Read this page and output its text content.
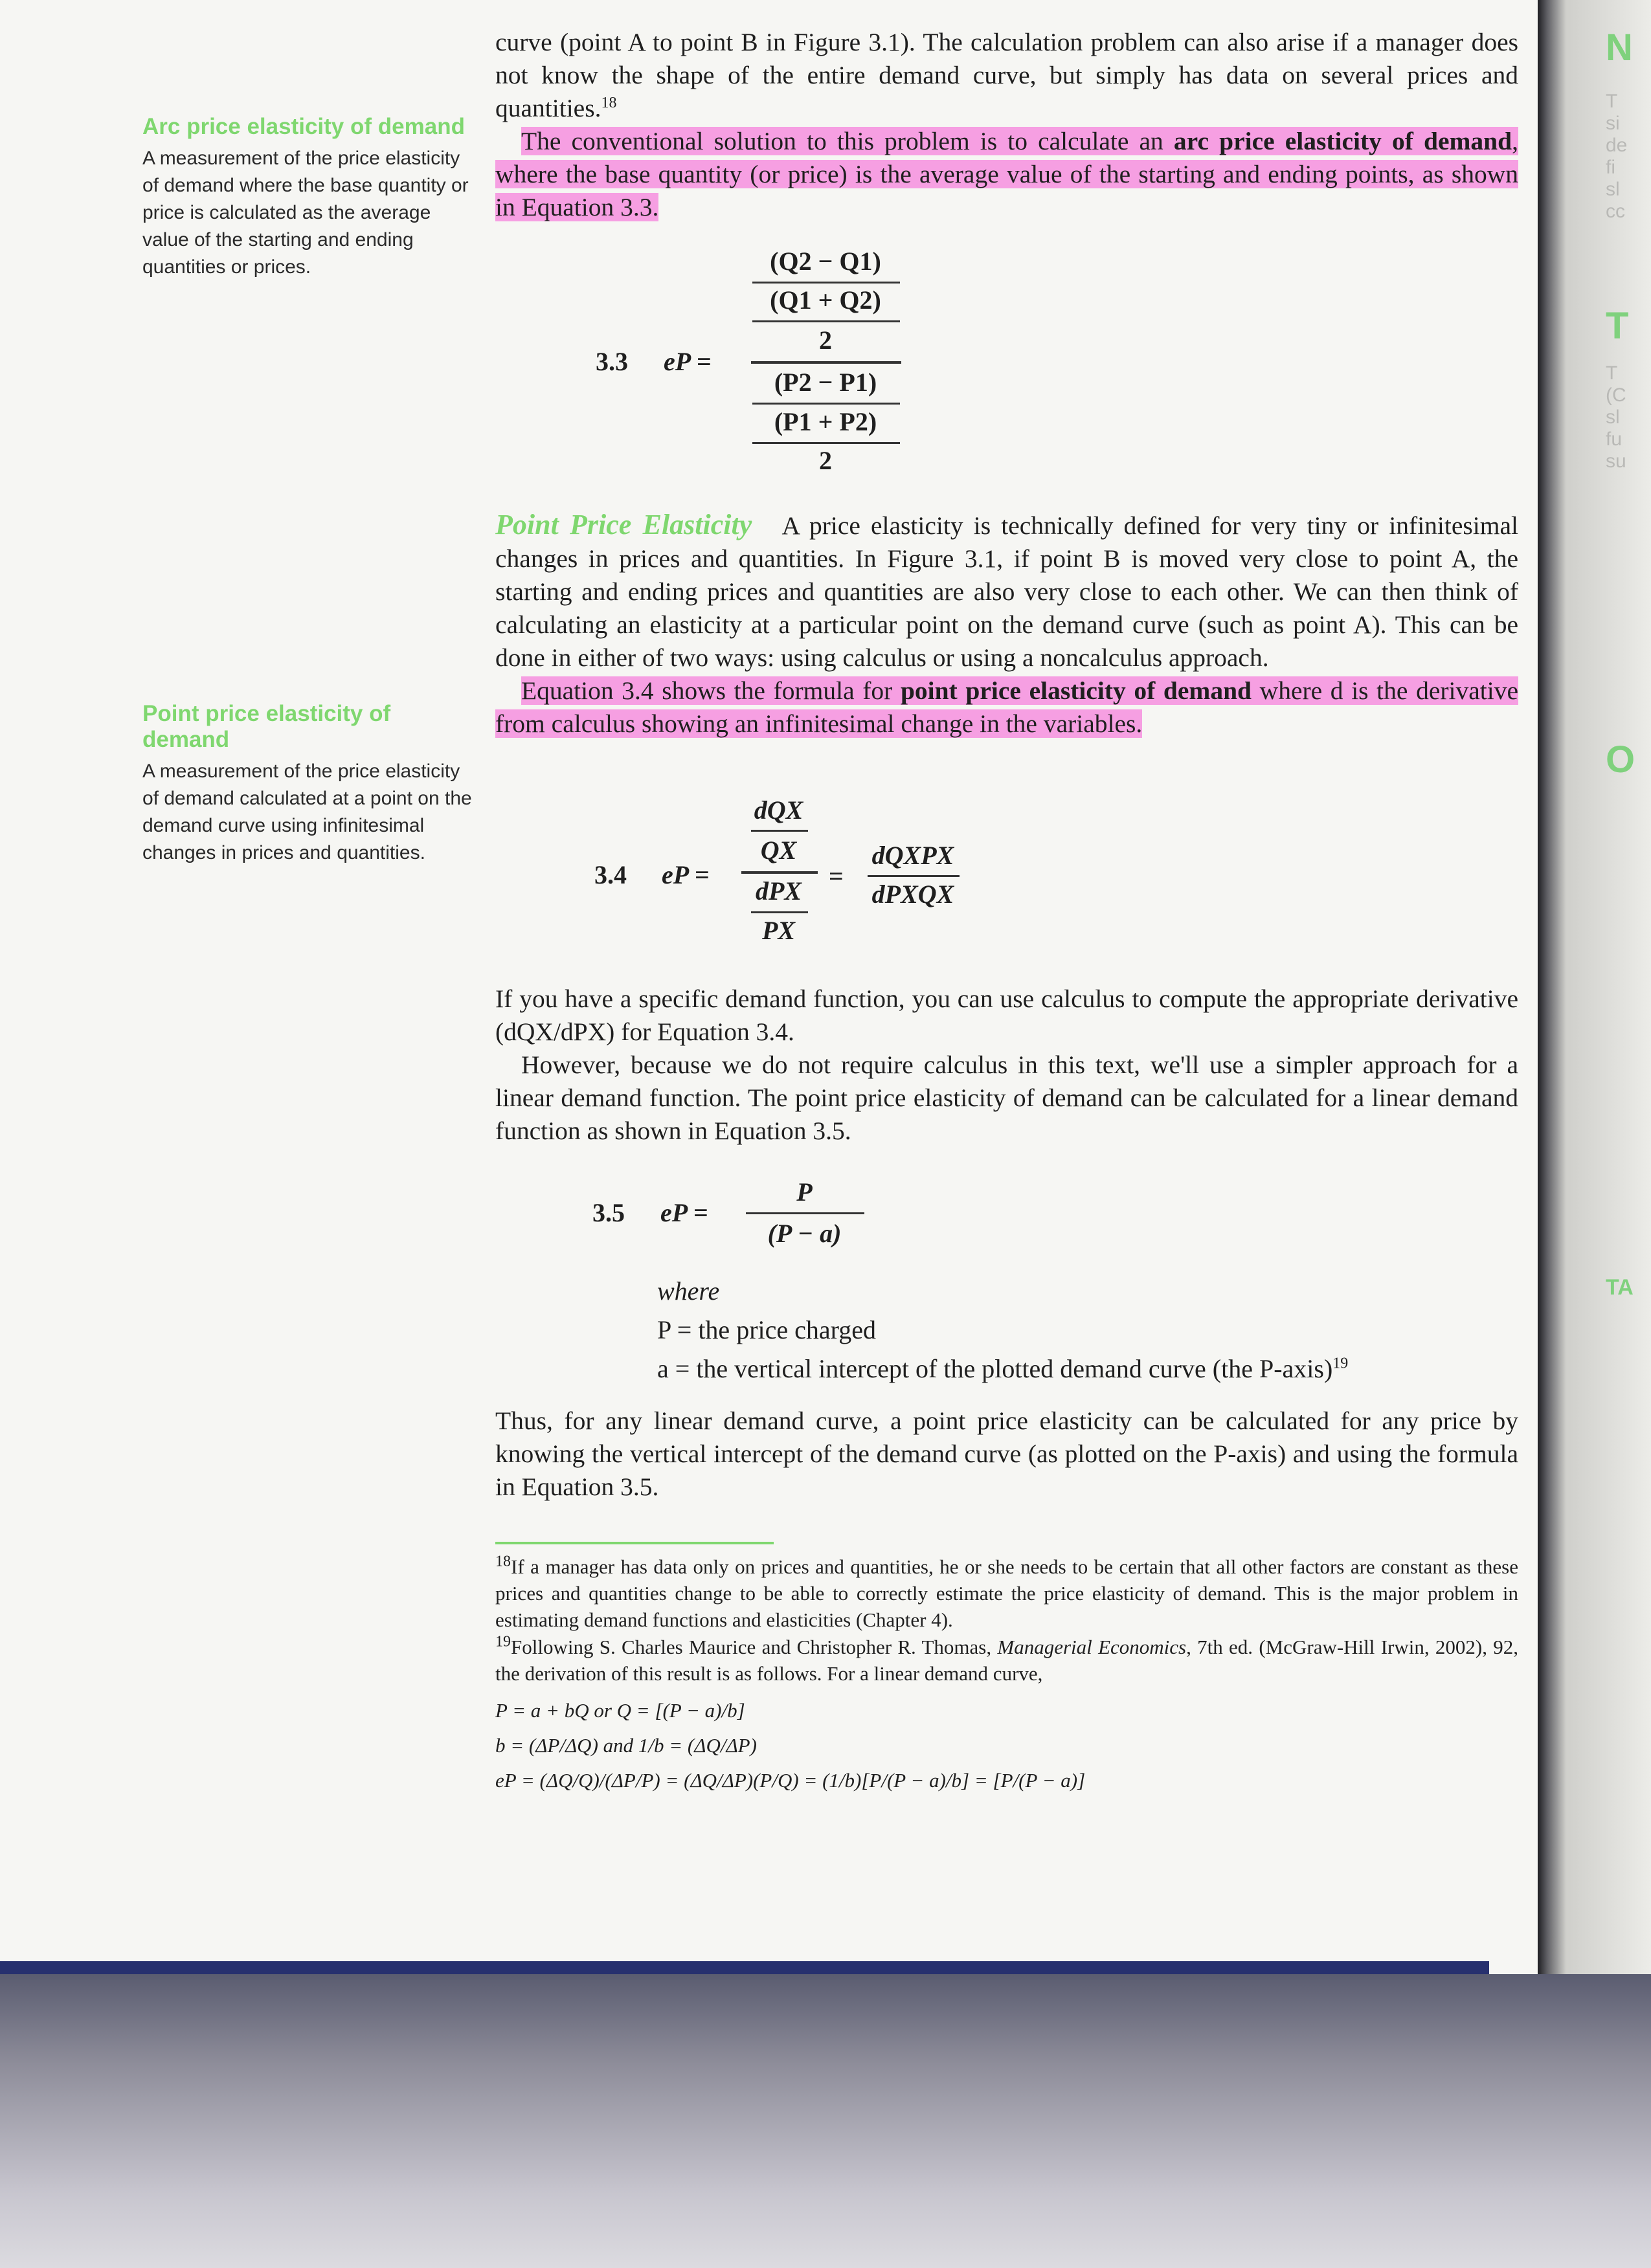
N
T
si
de
fi
sl
cc
T
T
(C
sl
fu
su
O
TA
Arc price elasticity of demand
A measurement of the price elasticity of demand where the base quantity or price is calculated as the average value of the starting and ending quantities or prices.
Point price elasticity of demand
A measurement of the price elasticity of demand calculated at a point on the demand curve using infinitesimal changes in prices and quantities.

curve (point A to point B in Figure 3.1). The calculation problem can also arise if a manager does not know the shape of the entire demand curve, but simply has data on several prices and quantities.$^{18}$

The conventional solution to this problem is to calculate an arc price elasticity of demand, where the base quantity (or price) is the average value of the starting and ending points, as shown in Equation 3.3.

3.3 eP =
(Q2 − Q1)
(Q1 + Q2)
2
(P2 − P1)
(P1 + P2)
2

Point Price Elasticity A price elasticity is technically defined for very tiny or infinitesimal changes in prices and quantities. In Figure 3.1, if point B is moved very close to point A, the starting and ending prices and quantities are also very close to each other. We can then think of calculating an elasticity at a particular point on the demand curve (such as point A). This can be done in either of two ways: using calculus or using a noncalculus approach.

Equation 3.4 shows the formula for point price elasticity of demand where d is the derivative from calculus showing an infinitesimal change in the variables.

3.4 eP =
dQX
QX
dPX
PX
=
dQXPX
dPXQX

If you have a specific demand function, you can use calculus to compute the appropriate derivative (dQX/dPX) for Equation 3.4.

However, because we do not require calculus in this text, we'll use a simpler approach for a linear demand function. The point price elasticity of demand can be calculated for a linear demand function as shown in Equation 3.5.

3.5 eP =
P
(P − a)
where
P = the price charged
a = the vertical intercept of the plotted demand curve (the P-axis)$^{19}$

Thus, for any linear demand curve, a point price elasticity can be calculated for any price by knowing the vertical intercept of the demand curve (as plotted on the P-axis) and using the formula in Equation 3.5.

$^{18}$If a manager has data only on prices and quantities, he or she needs to be certain that all other factors are constant as these prices and quantities change to be able to correctly estimate the price elasticity of demand. This is the major problem in estimating demand functions and elasticities (Chapter 4).
$^{19}$Following S. Charles Maurice and Christopher R. Thomas, Managerial Economics, 7th ed. (McGraw-Hill Irwin, 2002), 92, the derivation of this result is as follows. For a linear demand curve,
P = a + bQ or Q = [(P − a)/b]
b = (ΔP/ΔQ) and 1/b = (ΔQ/ΔP)
eP = (ΔQ/Q)/(ΔP/P) = (ΔQ/ΔP)(P/Q) = (1/b)[P/(P − a)/b] = [P/(P − a)]
